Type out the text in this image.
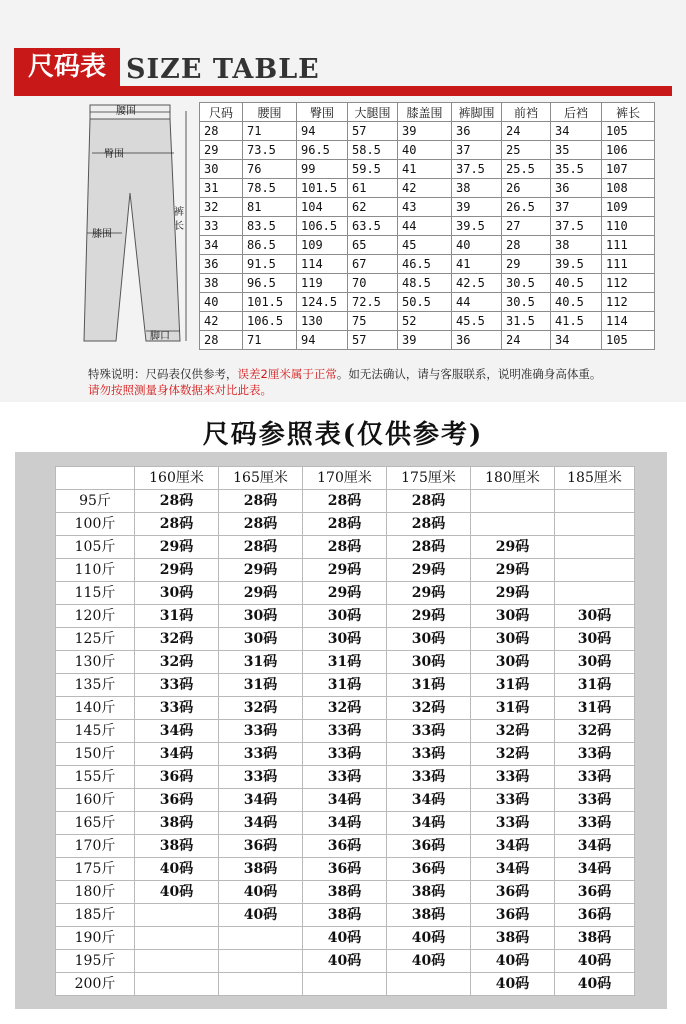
尺码表 SIZE TABLE
腰围
臀围
膝围
脚口
裤
长
尺码	腰围	臀围	大腿围	膝盖围	裤脚围	前裆	后裆	裤长
28	71	94	57	39	36	24	34	105
29	73.5	96.5	58.5	40	37	25	35	106
30	76	99	59.5	41	37.5	25.5	35.5	107
31	78.5	101.5	61	42	38	26	36	108
32	81	104	62	43	39	26.5	37	109
33	83.5	106.5	63.5	44	39.5	27	37.5	110
34	86.5	109	65	45	40	28	38	111
36	91.5	114	67	46.5	41	29	39.5	111
38	96.5	119	70	48.5	42.5	30.5	40.5	112
40	101.5	124.5	72.5	50.5	44	30.5	40.5	112
42	106.5	130	75	52	45.5	31.5	41.5	114
28	71	94	57	39	36	24	34	105
特殊说明：尺码表仅供参考，误差2厘米属于正常。如无法确认，请与客服联系，说明准确身高体重。
请勿按照测量身体数据来对比此表。
尺码参照表(仅供参考)
	160厘米	165厘米	170厘米	175厘米	180厘米	185厘米
95斤	28码	28码	28码	28码		
100斤	28码	28码	28码	28码		
105斤	29码	28码	28码	28码	29码	
110斤	29码	29码	29码	29码	29码	
115斤	30码	29码	29码	29码	29码	
120斤	31码	30码	30码	29码	30码	30码
125斤	32码	30码	30码	30码	30码	30码
130斤	32码	31码	31码	30码	30码	30码
135斤	33码	31码	31码	31码	31码	31码
140斤	33码	32码	32码	32码	31码	31码
145斤	34码	33码	33码	33码	32码	32码
150斤	34码	33码	33码	33码	32码	33码
155斤	36码	33码	33码	33码	33码	33码
160斤	36码	34码	34码	34码	33码	33码
165斤	38码	34码	34码	34码	33码	33码
170斤	38码	36码	36码	36码	34码	34码
175斤	40码	38码	36码	36码	34码	34码
180斤	40码	40码	38码	38码	36码	36码
185斤		40码	38码	38码	36码	36码
190斤			40码	40码	38码	38码
195斤			40码	40码	40码	40码
200斤					40码	40码
